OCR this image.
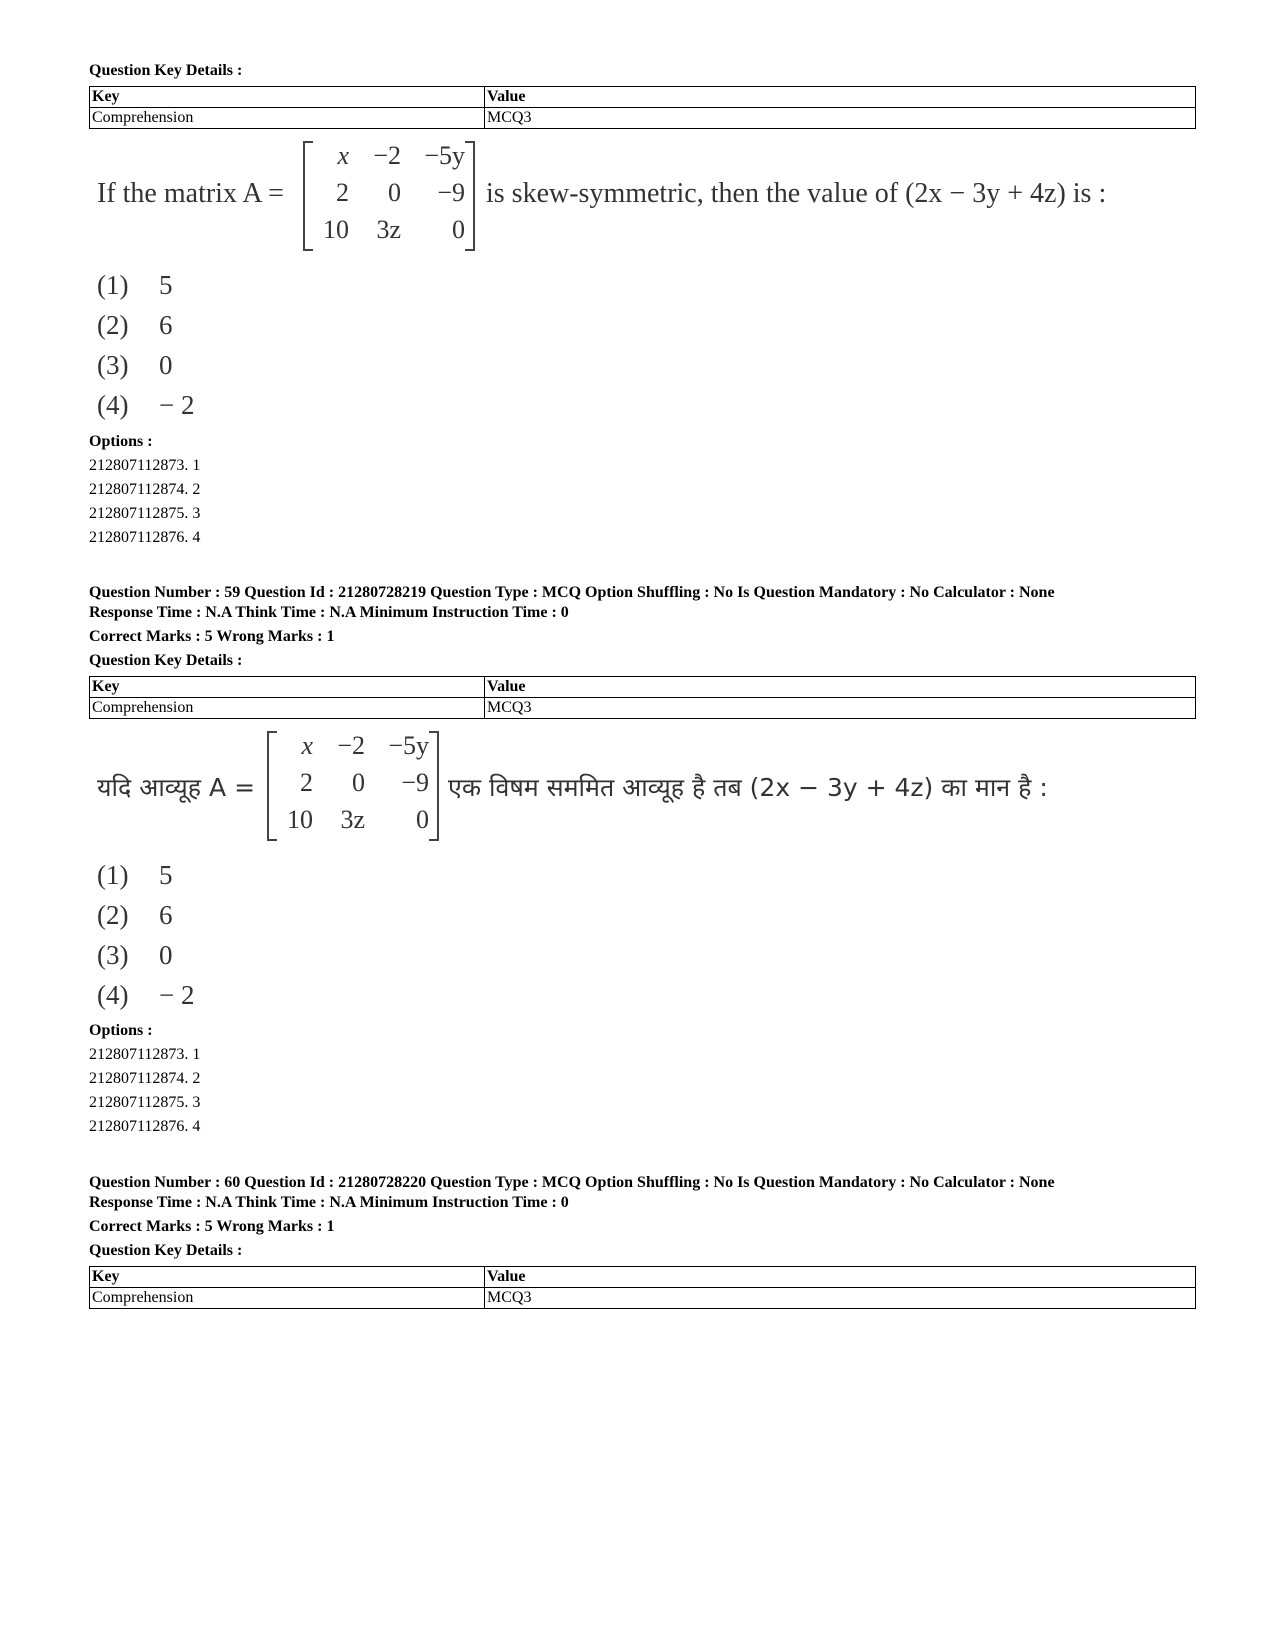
Question Key Details :
Key	Value
Comprehension	MCQ3
If the matrix A =
x −2 −5y
2	0	−9
10	3z	0
is skew-symmetric, then the value of (2x − 3y + 4z) is :
(1) 5
(2) 6
(3) 0
(4) − 2
Options :
212807112873. 1
212807112874. 2
212807112875. 3
212807112876. 4
Question Number : 59 Question Id : 21280728219 Question Type : MCQ Option Shuffling : No Is Question Mandatory : No Calculator : None
Response Time : N.A Think Time : N.A Minimum Instruction Time : 0
Correct Marks : 5 Wrong Marks : 1
Question Key Details :
Key	Value
Comprehension	MCQ3
यदि आव्यूह A =
x −2 −5y
2	0	−9
10	3z	0
एक विषम सममित आव्यूह है तब (2x − 3y + 4z) का मान है :
(1) 5
(2) 6
(3) 0
(4) − 2
Options :
212807112873. 1
212807112874. 2
212807112875. 3
212807112876. 4
Question Number : 60 Question Id : 21280728220 Question Type : MCQ Option Shuffling : No Is Question Mandatory : No Calculator : None
Response Time : N.A Think Time : N.A Minimum Instruction Time : 0
Correct Marks : 5 Wrong Marks : 1
Question Key Details :
Key	Value
Comprehension	MCQ3
